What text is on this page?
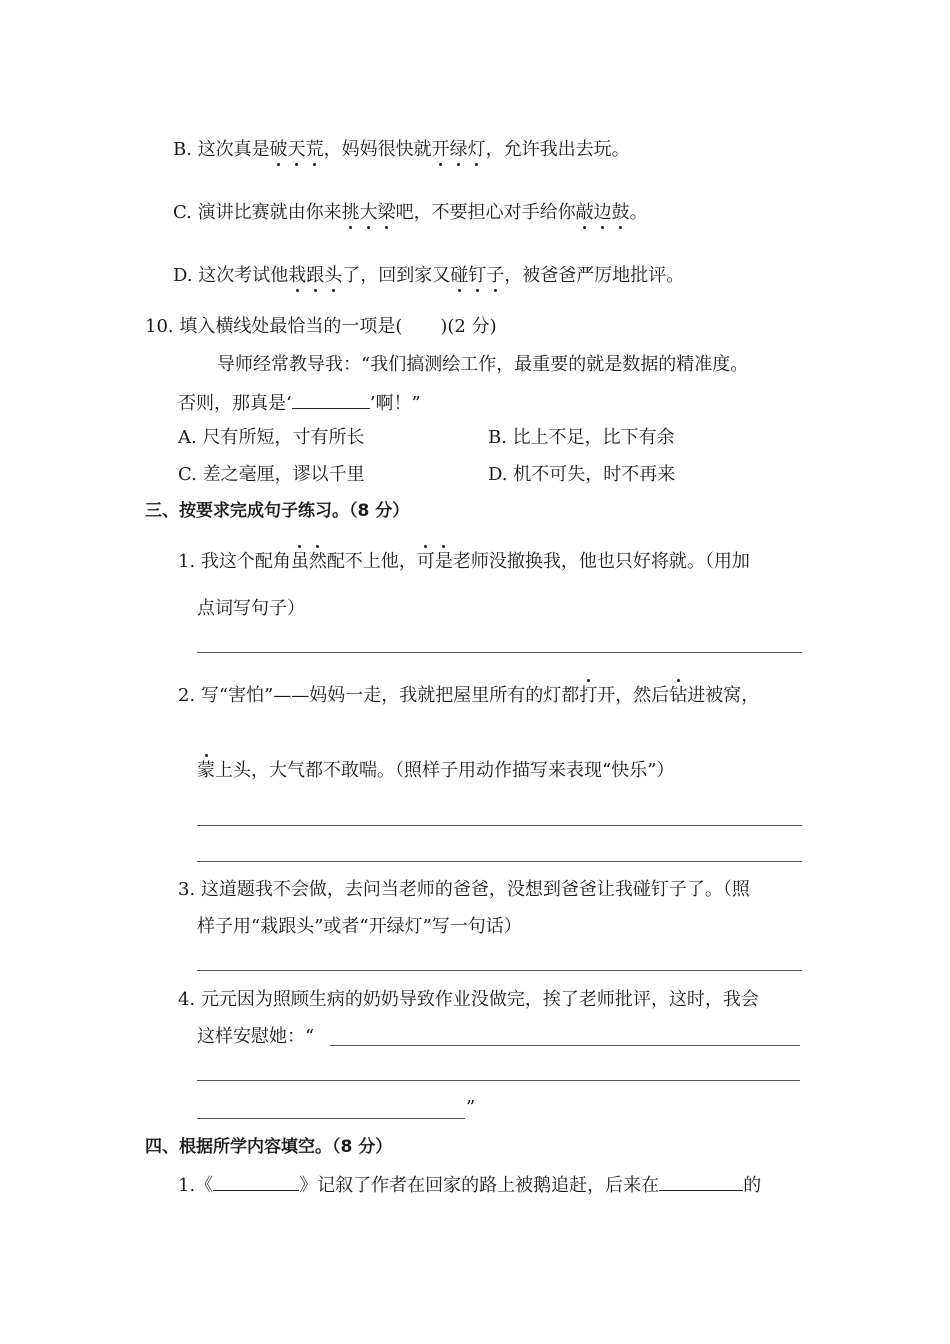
B. 这次真是破天荒，妈妈很快就开绿灯，允许我出去玩。
C. 演讲比赛就由你来挑大梁吧，不要担心对手给你敲边鼓。
D. 这次考试他栽跟头了，回到家又碰钉子，被爸爸严厉地批评。
10. 填入横线处最恰当的一项是( )(2 分)
导师经常教导我：“我们搞测绘工作，最重要的就是数据的精准度。
否则，那真是‘	’啊！”
A. 尺有所短，寸有所长	B. 比上不足，比下有余
C. 差之毫厘，谬以千里	D. 机不可失，时不再来
三、按要求完成句子练习。（8 分）
1. 我这个配角虽然配不上他，可是老师没撤换我，他也只好将就。（用加
点词写句子）
2. 写“害怕”——妈妈一走，我就把屋里所有的灯都打开，然后钻进被窝，
蒙上头，大气都不敢喘。（照样子用动作描写来表现“快乐”）
3. 这道题我不会做，去问当老师的爸爸，没想到爸爸让我碰钉子了。（照
样子用“栽跟头”或者“开绿灯”写一句话）
4. 元元因为照顾生病的奶奶导致作业没做完，挨了老师批评，这时，我会
这样安慰她：“
”
四、根据所学内容填空。（8 分）
1.《	》记叙了作者在回家的路上被鹅追赶，后来在	的
